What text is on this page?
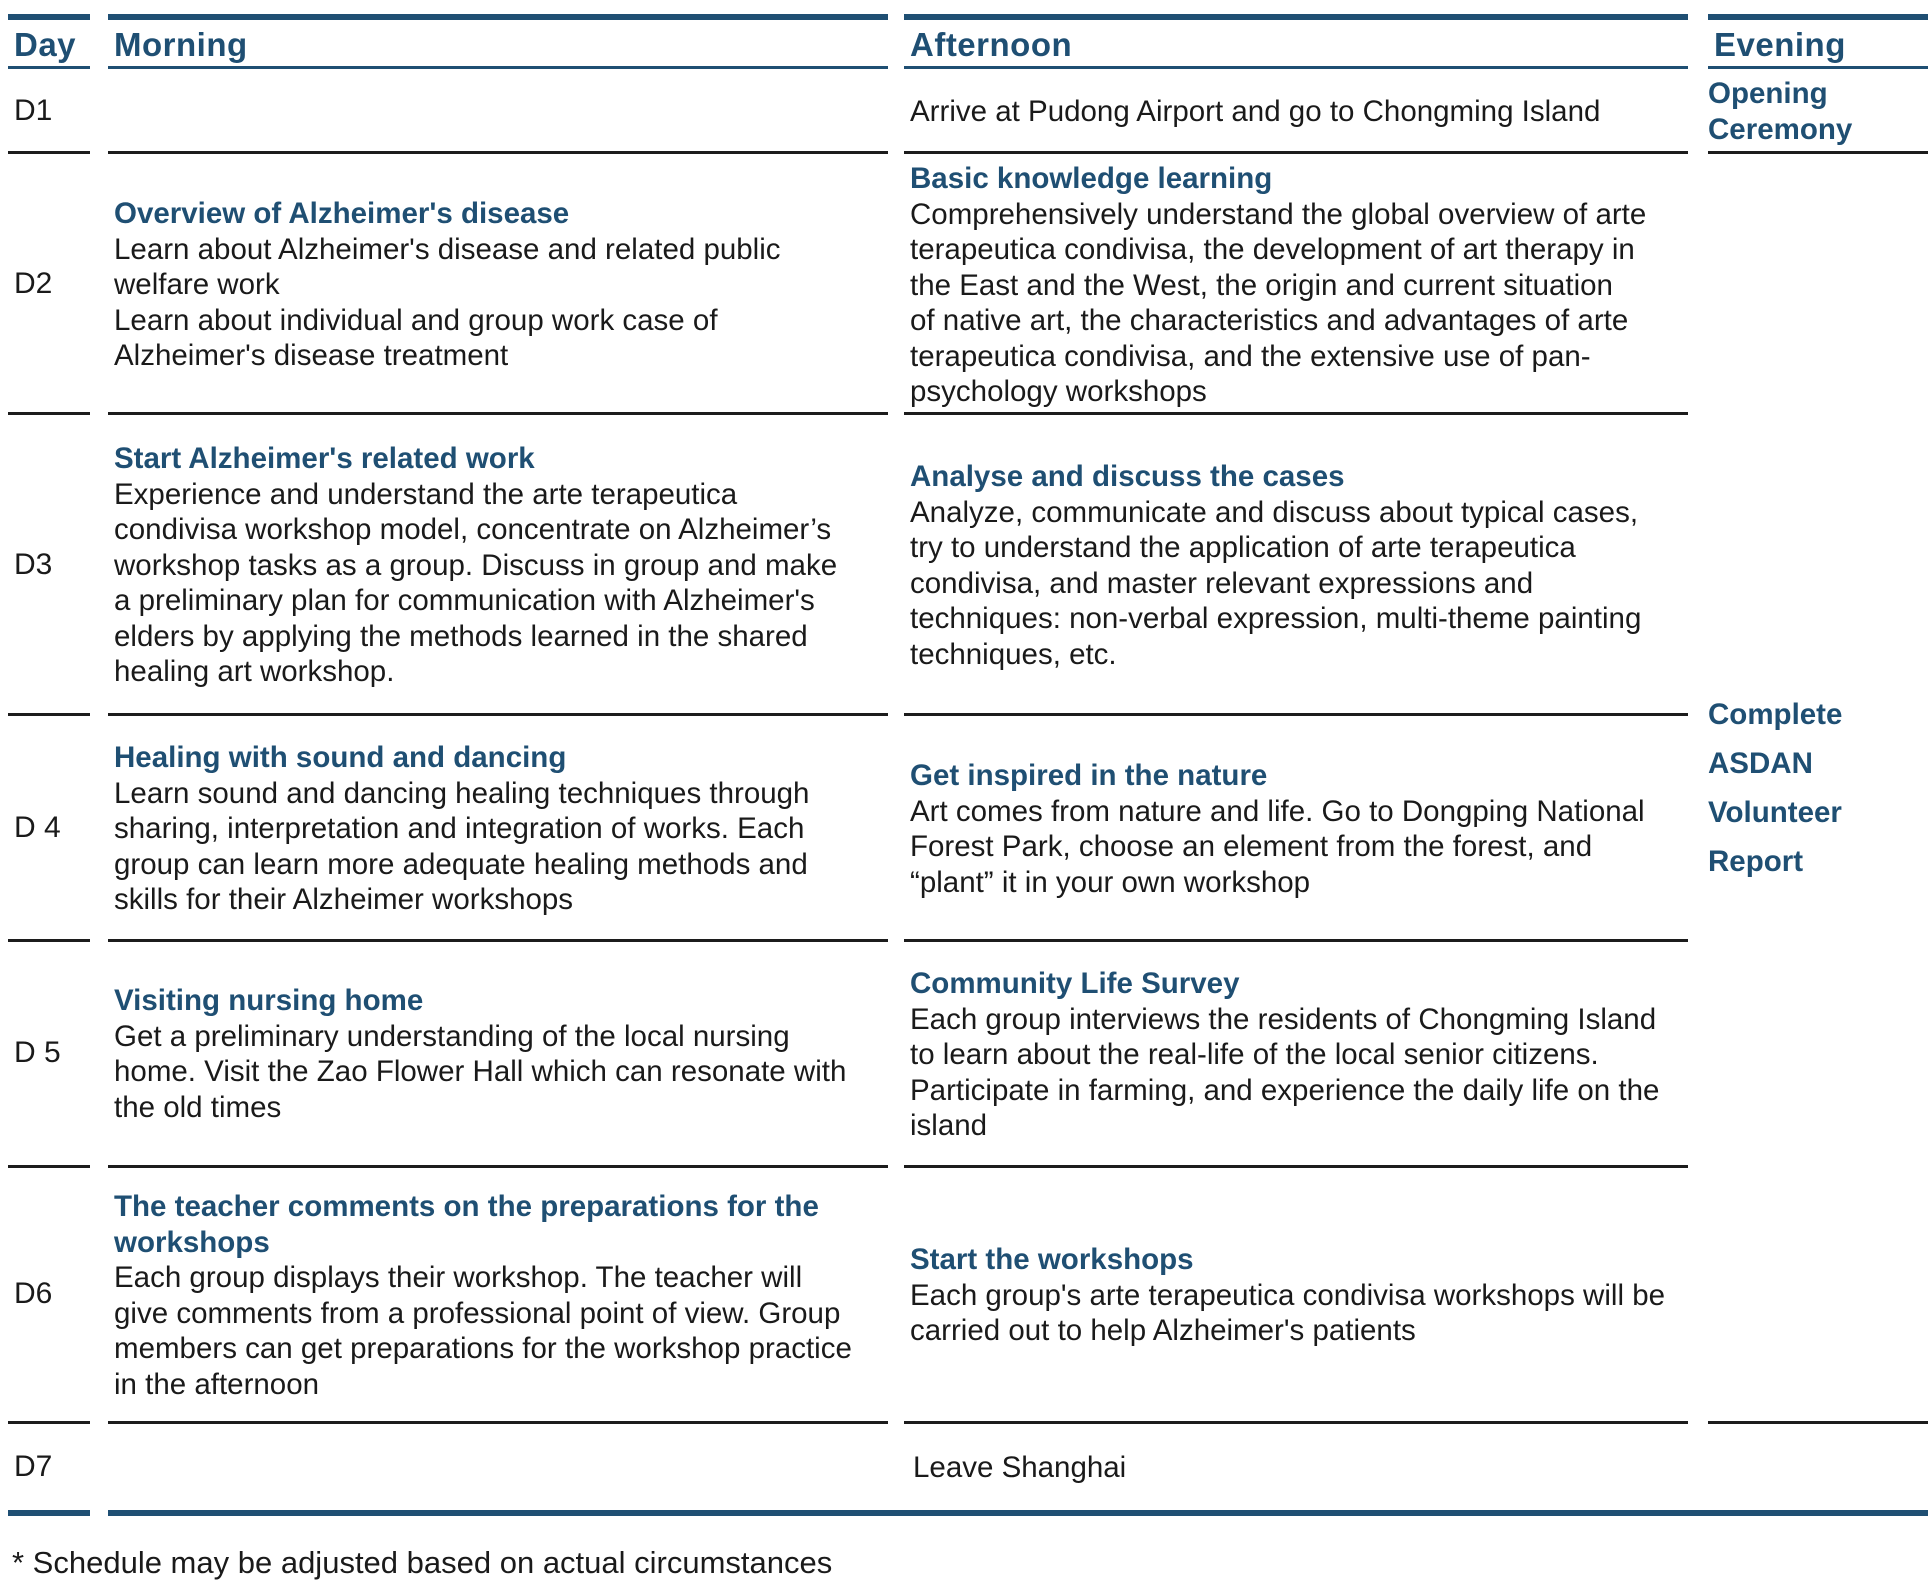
Day Morning	Afternoon	Evening
D1
D2
D3
D 4
D 5
D6
D7
Arrive at Pudong Airport and go to Chongming Island
Overview of Alzheimer's disease
Learn about Alzheimer's disease and related public
welfare work
Learn about individual and group work case of
Alzheimer's disease treatment
Basic knowledge learning
Comprehensively understand the global overview of arte
terapeutica condivisa, the development of art therapy in
the East and the West, the origin and current situation
of native art, the characteristics and advantages of arte
terapeutica condivisa, and the extensive use of pan-
psychology workshops
Start Alzheimer's related work
Experience and understand the arte terapeutica
condivisa workshop model, concentrate on Alzheimer’s
workshop tasks as a group. Discuss in group and make
a preliminary plan for communication with Alzheimer's
elders by applying the methods learned in the shared
healing art workshop.
Analyse and discuss the cases
Analyze, communicate and discuss about typical cases,
try to understand the application of arte terapeutica
condivisa, and master relevant expressions and
techniques: non-verbal expression, multi-theme painting
techniques, etc.
Healing with sound and dancing
Learn sound and dancing healing techniques through
sharing, interpretation and integration of works. Each
group can learn more adequate healing methods and
skills for their Alzheimer workshops
Get inspired in the nature
Art comes from nature and life. Go to Dongping National
Forest Park, choose an element from the forest, and
“plant” it in your own workshop
Visiting nursing home
Get a preliminary understanding of the local nursing
home. Visit the Zao Flower Hall which can resonate with
the old times
Community Life Survey
Each group interviews the residents of Chongming Island
to learn about the real-life of the local senior citizens.
Participate in farming, and experience the daily life on the
island
The teacher comments on the preparations for the
workshops
Each group displays their workshop. The teacher will
give comments from a professional point of view. Group
members can get preparations for the workshop practice
in the afternoon
Start the workshops
Each group's arte terapeutica condivisa workshops will be
carried out to help Alzheimer's patients
Leave Shanghai
Opening
Ceremony
Complete
ASDAN
Volunteer
Report
* Schedule may be adjusted based on actual circumstances
